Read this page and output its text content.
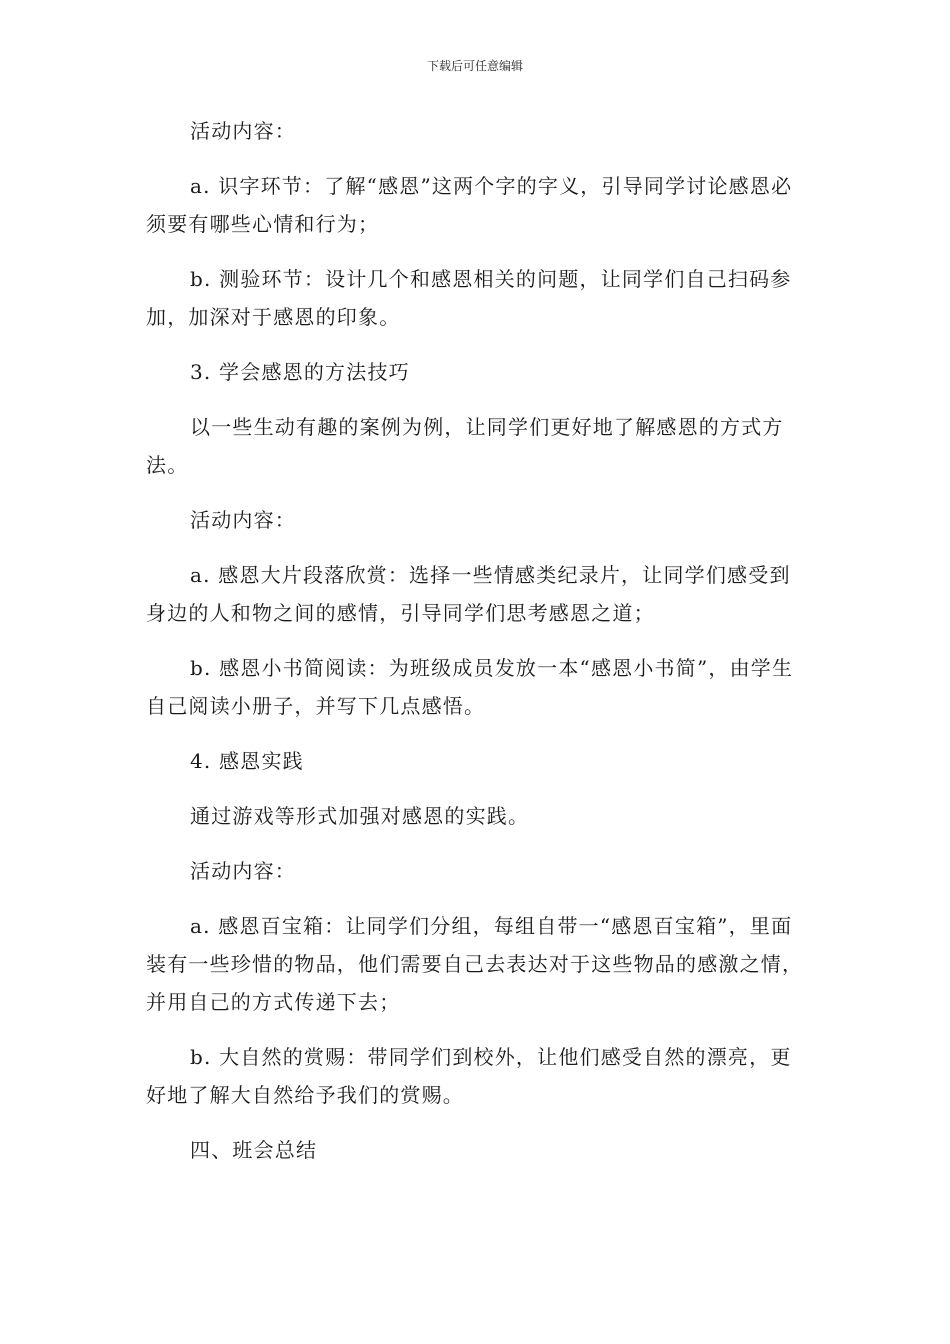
下载后可任意编辑

活动内容：

a. 识字环节：了解“感恩”这两个字的字义，引导同学讨论感恩必须要有哪些心情和行为；

b. 测验环节：设计几个和感恩相关的问题，让同学们自己扫码参加，加深对于感恩的印象。

3. 学会感恩的方法技巧

以一些生动有趣的案例为例，让同学们更好地了解感恩的方式方法。

活动内容：

a. 感恩大片段落欣赏：选择一些情感类纪录片，让同学们感受到身边的人和物之间的感情，引导同学们思考感恩之道；

b. 感恩小书简阅读：为班级成员发放一本“感恩小书简”，由学生自己阅读小册子，并写下几点感悟。

4. 感恩实践

通过游戏等形式加强对感恩的实践。

活动内容：

a. 感恩百宝箱：让同学们分组，每组自带一“感恩百宝箱”，里面装有一些珍惜的物品，他们需要自己去表达对于这些物品的感激之情，并用自己的方式传递下去；

b. 大自然的赏赐：带同学们到校外，让他们感受自然的漂亮，更好地了解大自然给予我们的赏赐。

四、班会总结
